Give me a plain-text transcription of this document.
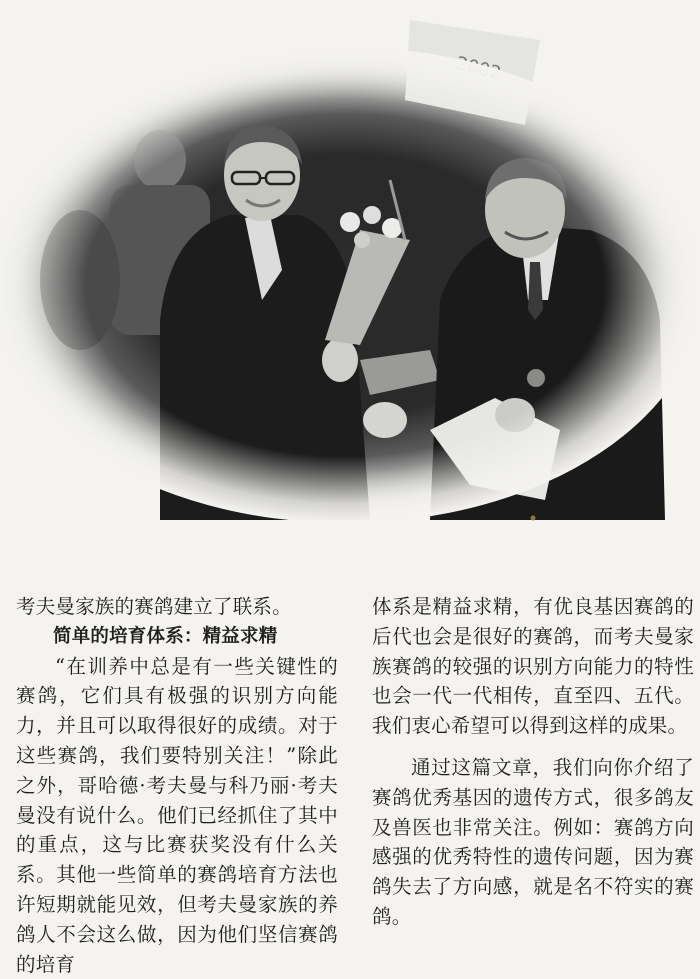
考夫曼家族的赛鸽建立了联系。

简单的培育体系：精益求精

“在训养中总是有一些关键性的赛鸽，它们具有极强的识别方向能力，并且可以取得很好的成绩。对于这些赛鸽，我们要特别关注！”除此之外，哥哈德·考夫曼与科乃丽·考夫曼没有说什么。他们已经抓住了其中的重点，这与比赛获奖没有什么关系。其他一些简单的赛鸽培育方法也许短期就能见效，但考夫曼家族的养鸽人不会这么做，因为他们坚信赛鸽的培育

体系是精益求精，有优良基因赛鸽的后代也会是很好的赛鸽，而考夫曼家族赛鸽的较强的识别方向能力的特性也会一代一代相传，直至四、五代。我们衷心希望可以得到这样的成果。

通过这篇文章，我们向你介绍了赛鸽优秀基因的遗传方式，很多鸽友及兽医也非常关注。例如：赛鸽方向感强的优秀特性的遗传问题，因为赛鸽失去了方向感，就是名不符实的赛鸽。
